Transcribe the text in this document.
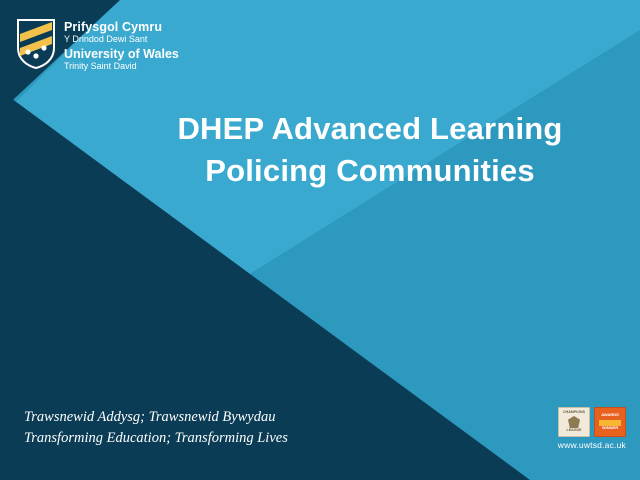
Prifysgol Cymru
Y Drindod Dewi Sant
University of Wales
Trinity Saint David
DHEP Advanced Learning
Policing Communities
Trawsnewid Addysg; Trawsnewid Bywydau
Transforming Education; Transforming Lives
CHAMPIONS
LEAGUE
AWARDS
WINNER
www.uwtsd.ac.uk
